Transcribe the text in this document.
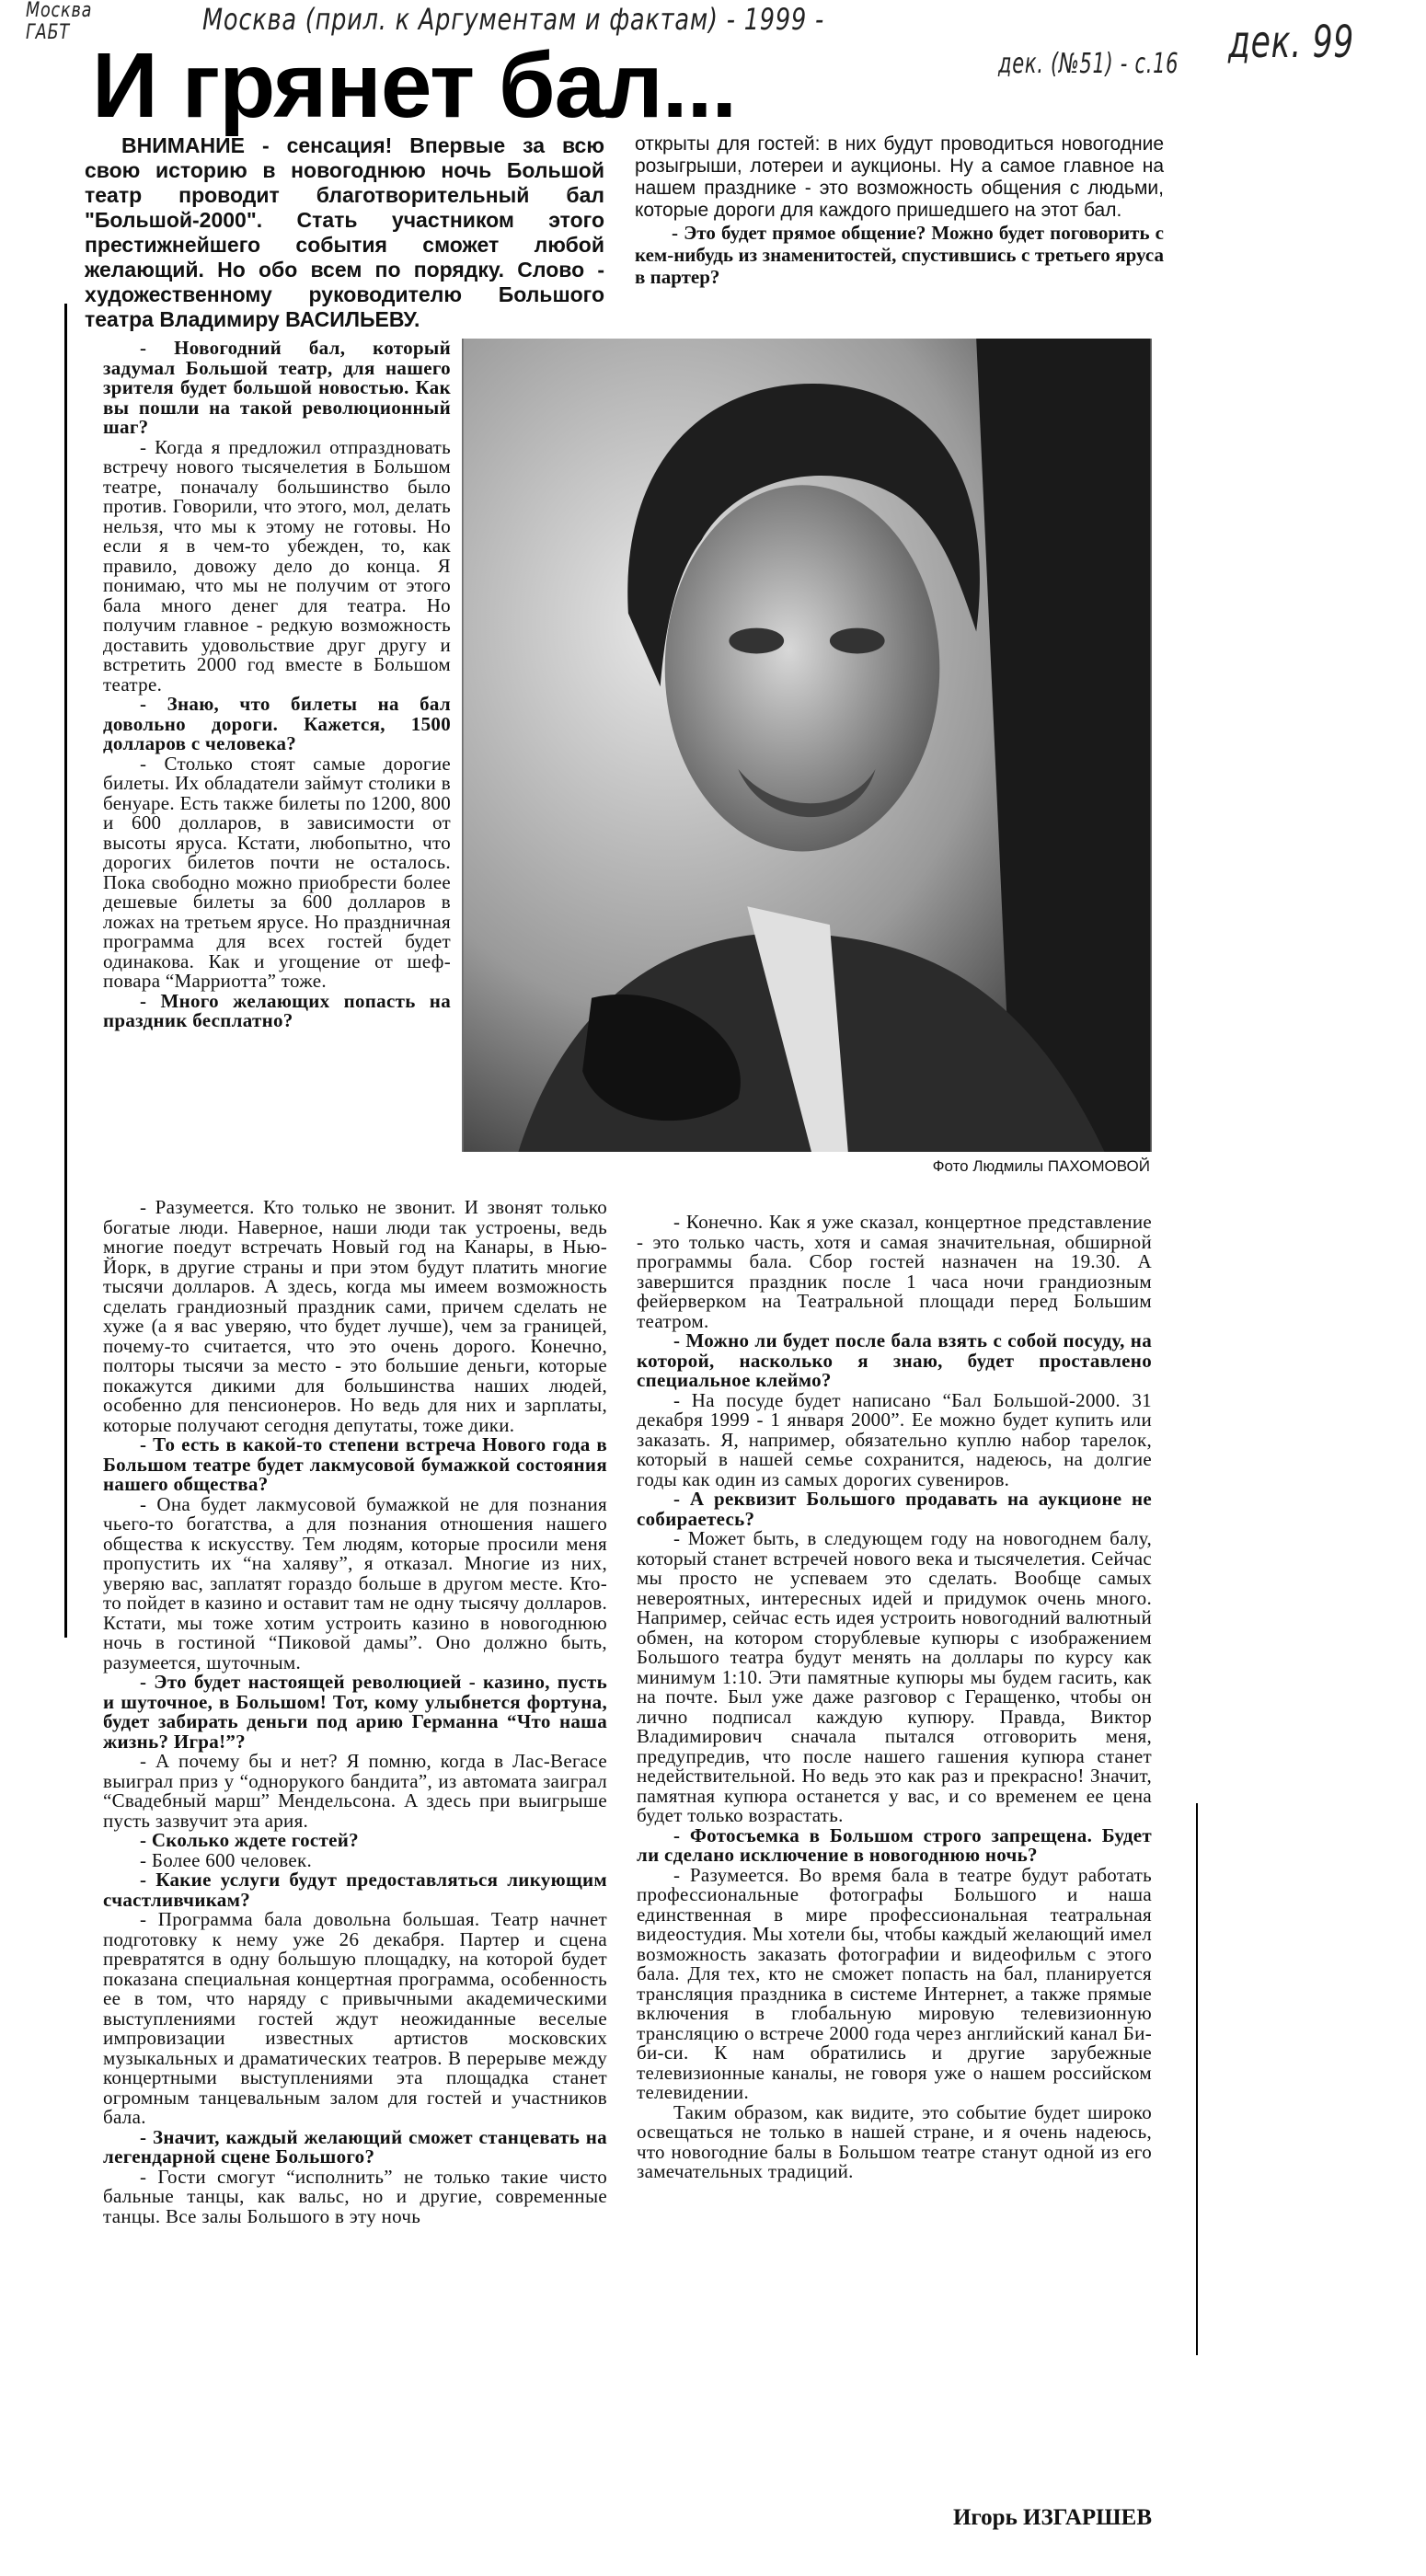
Москва
ГАБТ	Москва (прил. к Аргументам и фактам) - 1999 -
дек. (№51) - с.16 дек. 99
И грянет бал...

ВНИМАНИЕ - сенсация! Впервые за всю свою историю в новогоднюю ночь Большой театр проводит благотворительный бал "Большой-2000". Стать участником этого престижнейшего события сможет любой желающий. Но обо всем по порядку. Слово - художественному руководителю Большого театра Владимиру ВАСИЛЬЕВУ.

открыты для гостей: в них будут проводиться новогодние розыгрыши, лотереи и аукционы. Ну а самое главное на нашем празднике - это возможность общения с людьми, которые дороги для каждого пришедшего на этот бал.

- Это будет прямое общение? Можно будет поговорить с кем-нибудь из знаменитостей, спустившись с третьего яруса в партер?

Фото Людмилы ПАХОМОВОЙ

- Новогодний бал, который задумал Большой театр, для нашего зрителя будет большой новостью. Как вы пошли на такой революционный шаг?

- Когда я предложил отпраздновать встречу нового тысячелетия в Большом театре, поначалу большинство было против. Говорили, что этого, мол, делать нельзя, что мы к этому не готовы. Но если я в чем-то убежден, то, как правило, довожу дело до конца. Я понимаю, что мы не получим от этого бала много денег для театра. Но получим главное - редкую возможность доставить удовольствие друг другу и встретить 2000 год вместе в Большом театре.

- Знаю, что билеты на бал довольно дороги. Кажется, 1500 долларов с человека?

- Столько стоят самые дорогие билеты. Их обладатели займут столики в бенуаре. Есть также билеты по 1200, 800 и 600 долларов, в зависимости от высоты яруса. Кстати, любопытно, что дорогих билетов почти не осталось. Пока свободно можно приобрести более дешевые билеты за 600 долларов в ложах на третьем ярусе. Но праздничная программа для всех гостей будет одинакова. Как и угощение от шеф-повара “Марриотта” тоже.

- Много желающих попасть на праздник бесплатно?

- Разумеется. Кто только не звонит. И звонят только богатые люди. Наверное, наши люди так устроены, ведь многие поедут встречать Новый год на Канары, в Нью-Йорк, в другие страны и при этом будут платить многие тысячи долларов. А здесь, когда мы имеем возможность сделать грандиозный праздник сами, причем сделать не хуже (а я вас уверяю, что будет лучше), чем за границей, почему-то считается, что это очень дорого. Конечно, полторы тысячи за место - это большие деньги, которые покажутся дикими для большинства наших людей, особенно для пенсионеров. Но ведь для них и зарплаты, которые получают сегодня депутаты, тоже дики.

- То есть в какой-то степени встреча Нового года в Большом театре будет лакмусовой бумажкой состояния нашего общества?

- Она будет лакмусовой бумажкой не для познания чьего-то богатства, а для познания отношения нашего общества к искусству. Тем людям, которые просили меня пропустить их “на халяву”, я отказал. Многие из них, уверяю вас, заплатят гораздо больше в другом месте. Кто-то пойдет в казино и оставит там не одну тысячу долларов. Кстати, мы тоже хотим устроить казино в новогоднюю ночь в гостиной “Пиковой дамы”. Оно должно быть, разумеется, шуточным.

- Это будет настоящей революцией - казино, пусть и шуточное, в Большом! Тот, кому улыбнется фортуна, будет забирать деньги под арию Германна “Что наша жизнь? Игра!”?

- А почему бы и нет? Я помню, когда в Лас-Вегасе выиграл приз у “однорукого бандита”, из автомата заиграл “Свадебный марш” Мендельсона. А здесь при выигрыше пусть зазвучит эта ария.

- Сколько ждете гостей?

- Более 600 человек.

- Какие услуги будут предоставляться ликующим счастливчикам?

- Программа бала довольна большая. Театр начнет подготовку к нему уже 26 декабря. Партер и сцена превратятся в одну большую площадку, на которой будет показана специальная концертная программа, особенность ее в том, что наряду с привычными академическими выступлениями гостей ждут неожиданные веселые импровизации известных артистов московских музыкальных и драматических театров. В перерыве между концертными выступлениями эта площадка станет огромным танцевальным залом для гостей и участников бала.

- Значит, каждый желающий сможет станцевать на легендарной сцене Большого?

- Гости смогут “исполнить” не только такие чисто бальные танцы, как вальс, но и другие, современные танцы. Все залы Большого в эту ночь

- Конечно. Как я уже сказал, концертное представление - это только часть, хотя и самая значительная, обширной программы бала. Сбор гостей назначен на 19.30. А завершится праздник после 1 часа ночи грандиозным фейерверком на Театральной площади перед Большим театром.

- Можно ли будет после бала взять с собой посуду, на которой, насколько я знаю, будет проставлено специальное клеймо?

- На посуде будет написано “Бал Большой-2000. 31 декабря 1999 - 1 января 2000”. Ее можно будет купить или заказать. Я, например, обязательно куплю набор тарелок, который в нашей семье сохранится, надеюсь, на долгие годы как один из самых дорогих сувениров.

- А реквизит Большого продавать на аукционе не собираетесь?

- Может быть, в следующем году на новогоднем балу, который станет встречей нового века и тысячелетия. Сейчас мы просто не успеваем это сделать. Вообще самых невероятных, интересных идей и придумок очень много. Например, сейчас есть идея устроить новогодний валютный обмен, на котором сторублевые купюры с изображением Большого театра будут менять на доллары по курсу как минимум 1:10. Эти памятные купюры мы будем гасить, как на почте. Был уже даже разговор с Геращенко, чтобы он лично подписал каждую купюру. Правда, Виктор Владимирович сначала пытался отговорить меня, предупредив, что после нашего гашения купюра станет недействительной. Но ведь это как раз и прекрасно! Значит, памятная купюра останется у вас, и со временем ее цена будет только возрастать.

- Фотосъемка в Большом строго запрещена. Будет ли сделано исключение в новогоднюю ночь?

- Разумеется. Во время бала в театре будут работать профессиональные фотографы Большого и наша единственная в мире профессиональная театральная видеостудия. Мы хотели бы, чтобы каждый желающий имел возможность заказать фотографии и видеофильм с этого бала. Для тех, кто не сможет попасть на бал, планируется трансляция праздника в системе Интернет, а также прямые включения в глобальную мировую телевизионную трансляцию о встрече 2000 года через английский канал Би-би-си. К нам обратились и другие зарубежные телевизионные каналы, не говоря уже о нашем российском телевидении.

Таким образом, как видите, это событие будет широко освещаться не только в нашей стране, и я очень надеюсь, что новогодние балы в Большом театре станут одной из его замечательных традиций.

Игорь ИЗГАРШЕВ
